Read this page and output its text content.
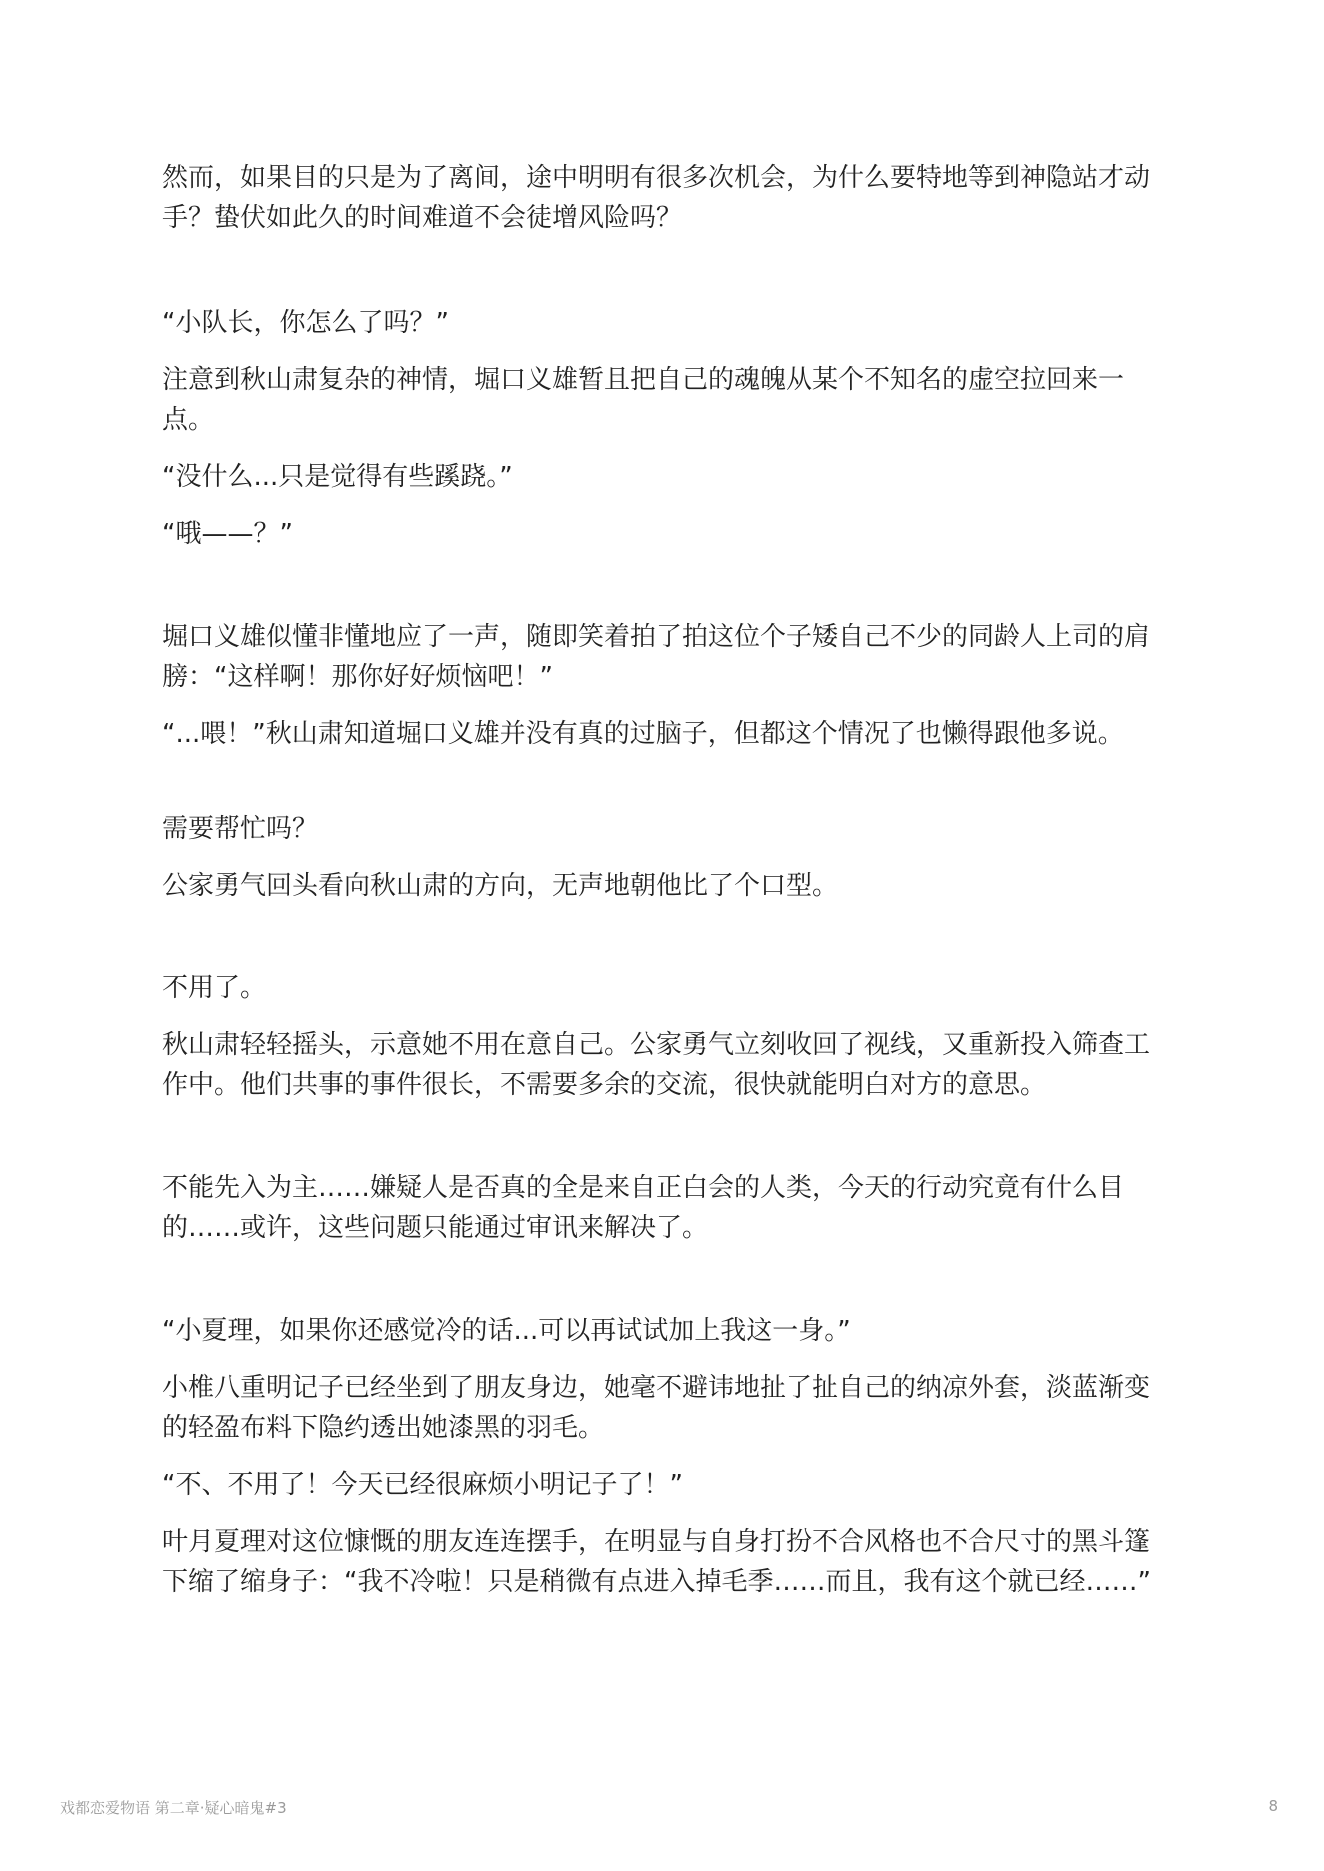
然而，如果目的只是为了离间，途中明明有很多次机会，为什么要特地等到神隐站才动手？蛰伏如此久的时间难道不会徒增风险吗？

“小队长，你怎么了吗？”

注意到秋山肃复杂的神情，堀口义雄暂且把自己的魂魄从某个不知名的虚空拉回来一点。

“没什么...只是觉得有些蹊跷。”

“哦——？”

堀口义雄似懂非懂地应了一声，随即笑着拍了拍这位个子矮自己不少的同龄人上司的肩膀：“这样啊！那你好好烦恼吧！”

“...喂！”秋山肃知道堀口义雄并没有真的过脑子，但都这个情况了也懒得跟他多说。

需要帮忙吗？

公家勇气回头看向秋山肃的方向，无声地朝他比了个口型。

不用了。

秋山肃轻轻摇头，示意她不用在意自己。公家勇气立刻收回了视线，又重新投入筛查工作中。他们共事的事件很长，不需要多余的交流，很快就能明白对方的意思。

不能先入为主……嫌疑人是否真的全是来自正白会的人类，今天的行动究竟有什么目的……或许，这些问题只能通过审讯来解决了。

“小夏理，如果你还感觉冷的话...可以再试试加上我这一身。”

小椎八重明记子已经坐到了朋友身边，她毫不避讳地扯了扯自己的纳凉外套，淡蓝渐变的轻盈布料下隐约透出她漆黑的羽毛。

“不、不用了！今天已经很麻烦小明记子了！”

叶月夏理对这位慷慨的朋友连连摆手，在明显与自身打扮不合风格也不合尺寸的黑斗篷下缩了缩身子：“我不冷啦！只是稍微有点进入掉毛季……而且，我有这个就已经……”

戏都恋爱物语 第二章·疑心暗鬼#3	8
